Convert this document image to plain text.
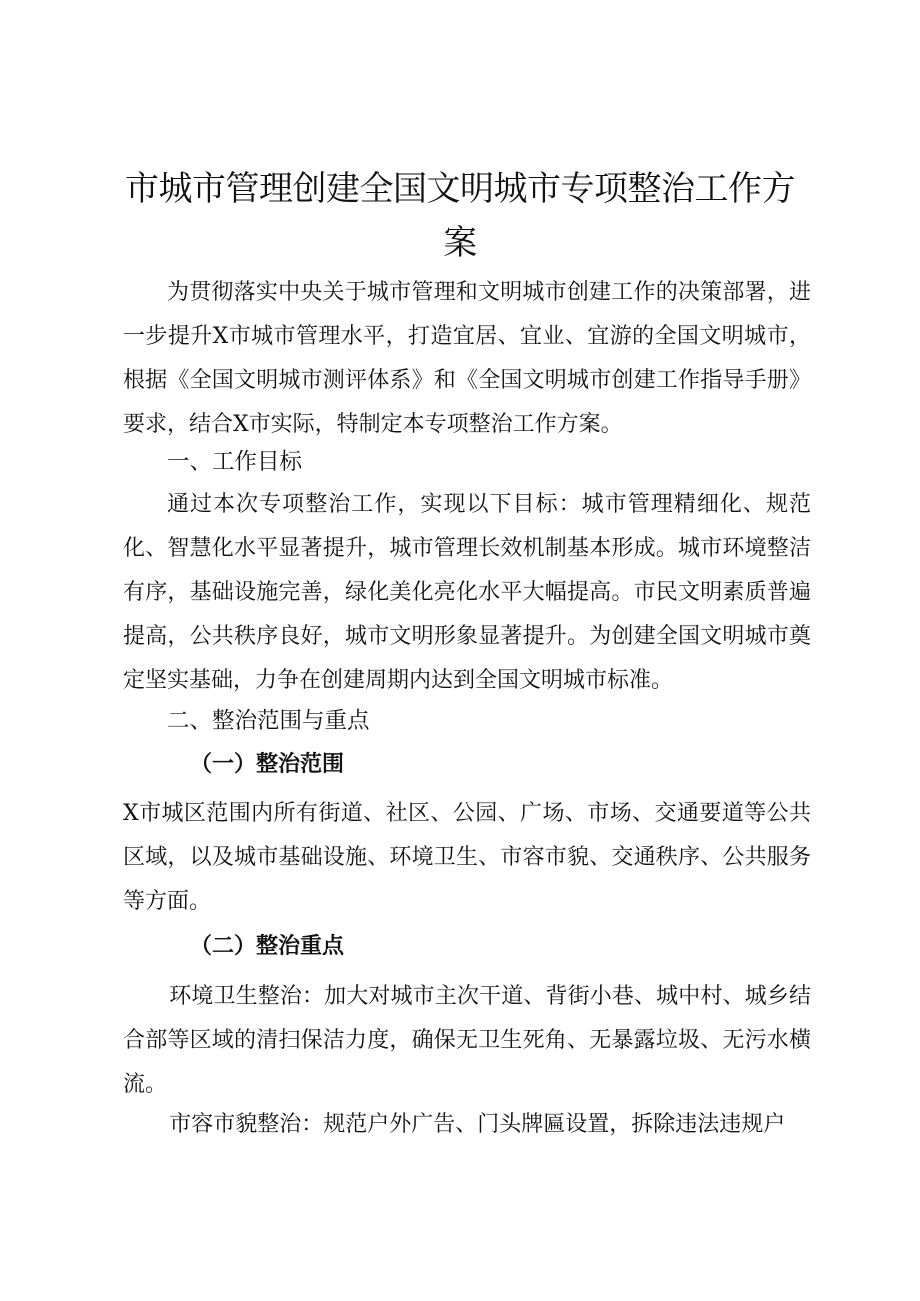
市城市管理创建全国文明城市专项整治工作方案

为贯彻落实中央关于城市管理和文明城市创建工作的决策部署，进一步提升X市城市管理水平，打造宜居、宜业、宜游的全国文明城市，根据《全国文明城市测评体系》和《全国文明城市创建工作指导手册》要求，结合X市实际，特制定本专项整治工作方案。

一、工作目标

通过本次专项整治工作，实现以下目标：城市管理精细化、规范化、智慧化水平显著提升，城市管理长效机制基本形成。城市环境整洁有序，基础设施完善，绿化美化亮化水平大幅提高。市民文明素质普遍提高，公共秩序良好，城市文明形象显著提升。为创建全国文明城市奠定坚实基础，力争在创建周期内达到全国文明城市标准。

二、整治范围与重点
（一）整治范围

X市城区范围内所有街道、社区、公园、广场、市场、交通要道等公共区域，以及城市基础设施、环境卫生、市容市貌、交通秩序、公共服务等方面。

（二）整治重点

环境卫生整治：加大对城市主次干道、背街小巷、城中村、城乡结合部等区域的清扫保洁力度，确保无卫生死角、无暴露垃圾、无污水横流。

市容市貌整治：规范户外广告、门头牌匾设置，拆除违法违规户
